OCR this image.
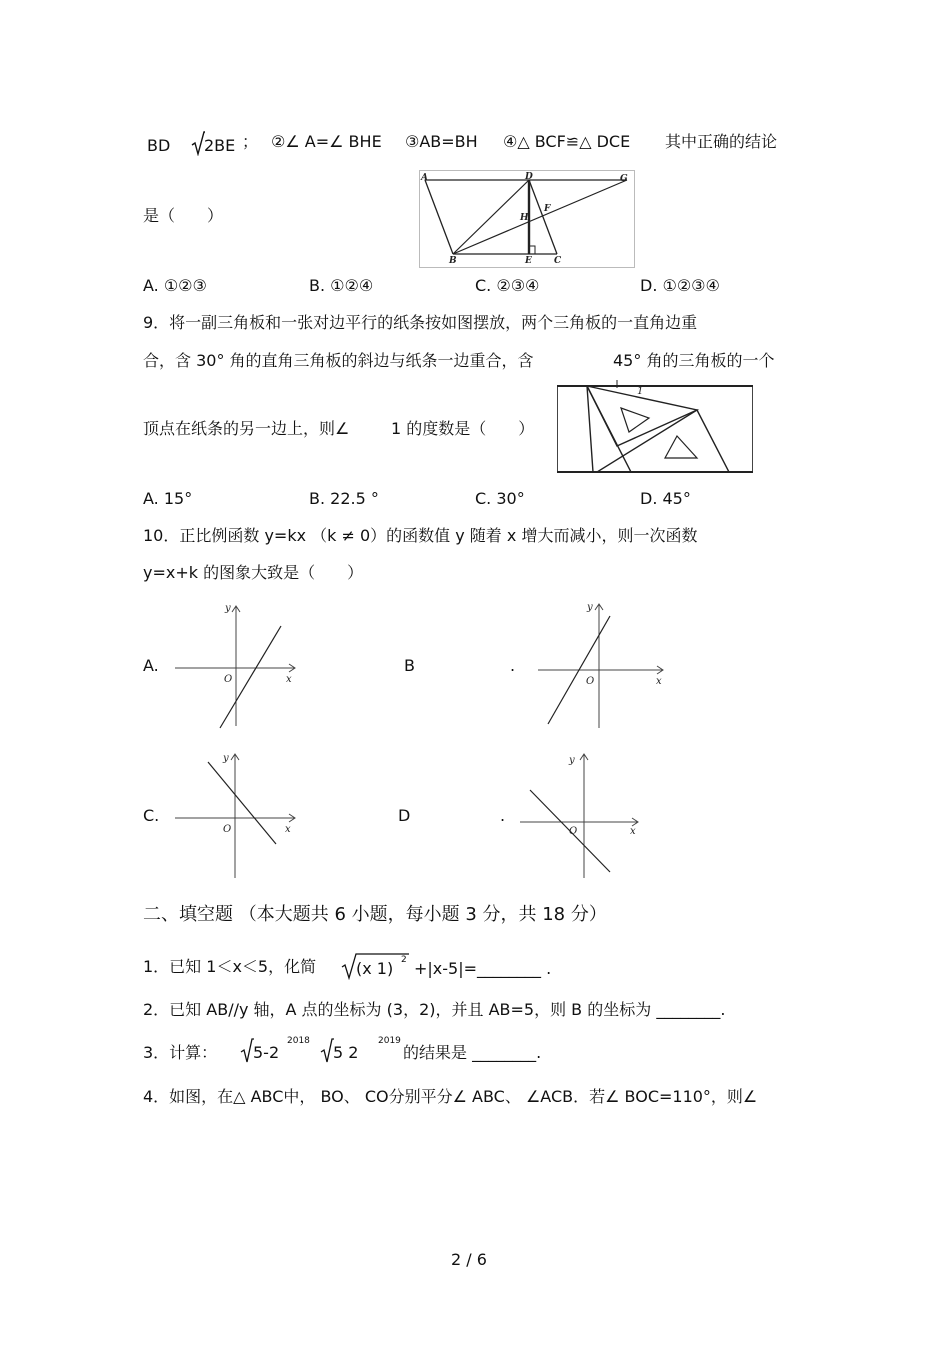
BD 2BE ； ②∠ A=∠ BHE ③AB=BH ④△ BCF≌△ DCE 其中正确的结论
是（　　）
A	D	G
H
F
B	E C
A. ①②③	B. ①②④	C. ②③④	D. ①②③④
9．将一副三角板和一张对边平行的纸条按如图摆放，两个三角板的一直角边重
合，含 30° 角的直角三角板的斜边与纸条一边重合，含	45° 角的三角板的一个
顶点在纸条的另一边上，则∠	1 的度数是（　　）
1
A. 15°	B. 22.5 °	C. 30°	D. 45°
10．正比例函数 y=kx （k ≠ 0）的函数值 y 随着 x 增大而减小，则一次函数
y=x+k 的图象大致是（　　）
A.
y
x
O
B	.
y
x
O
C.
y
x
O
D	.
y
x
O
二、填空题 （本大题共 6 小题，每小题 3 分，共 18 分）
1．已知 1＜x＜5，化简 (x 1) 2 +|x-5|=________ .
2．已知 AB//y 轴，A 点的坐标为 (3，2)，并且 AB=5，则 B 的坐标为 ________.
3．计算： 5-2
2018
5 2
2019
的结果是 ________.
4．如图，在△ ABC中， BO、 CO分别平分∠ ABC、 ∠ACB．若∠ BOC=110°，则∠
2 / 6
